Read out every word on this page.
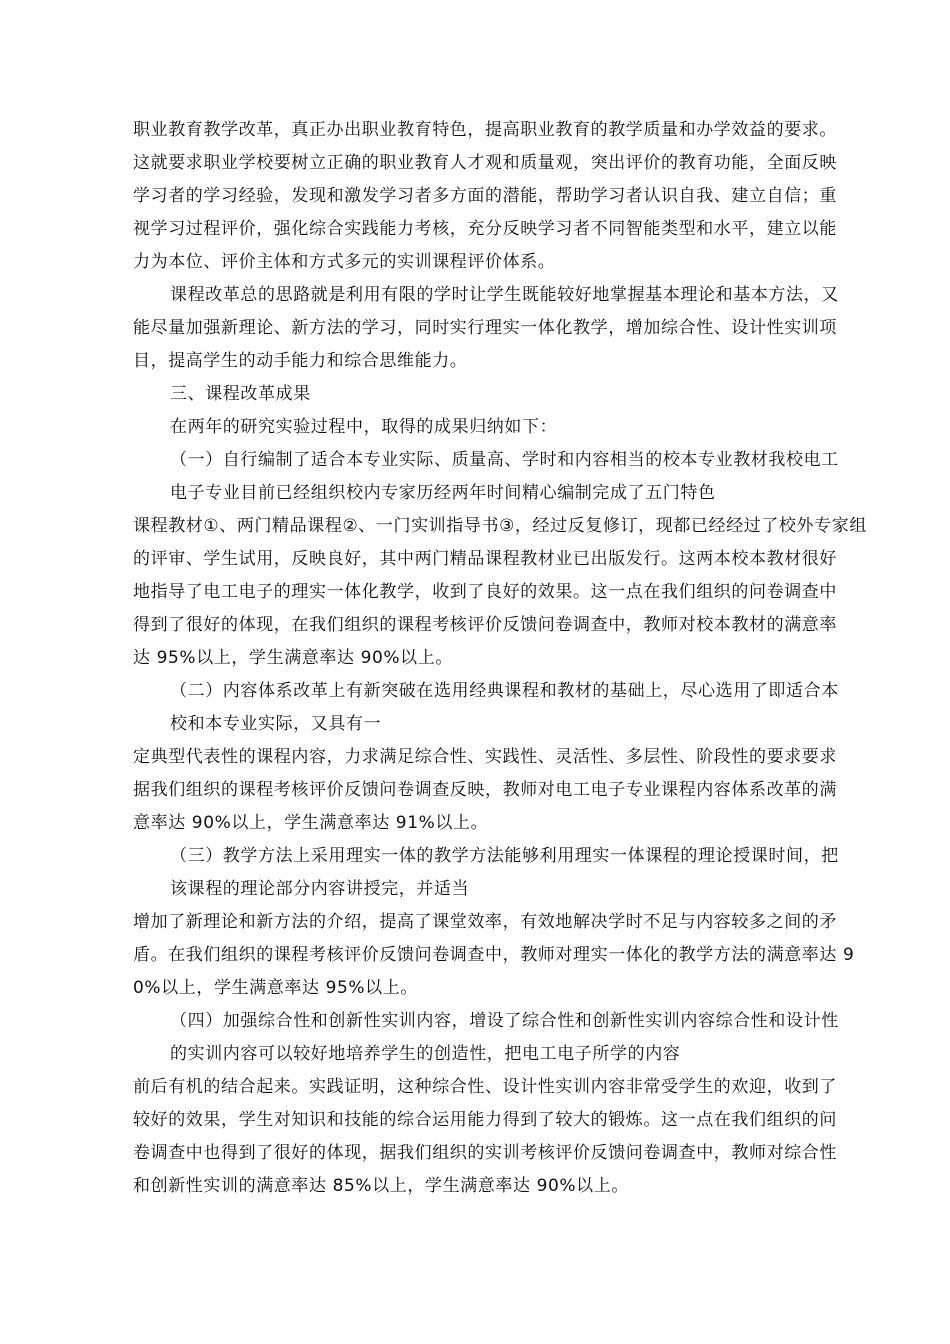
职业教育教学改革，真正办出职业教育特色，提高职业教育的教学质量和办学效益的要求。
这就要求职业学校要树立正确的职业教育人才观和质量观，突出评价的教育功能，全面反映
学习者的学习经验，发现和激发学习者多方面的潜能，帮助学习者认识自我、建立自信；重
视学习过程评价，强化综合实践能力考核，充分反映学习者不同智能类型和水平，建立以能
力为本位、评价主体和方式多元的实训课程评价体系。
课程改革总的思路就是利用有限的学时让学生既能较好地掌握基本理论和基本方法，又
能尽量加强新理论、新方法的学习，同时实行理实一体化教学，增加综合性、设计性实训项
目，提高学生的动手能力和综合思维能力。
三、课程改革成果
在两年的研究实验过程中，取得的成果归纳如下：
（一）自行编制了适合本专业实际、质量高、学时和内容相当的校本专业教材我校电工
电子专业目前已经组织校内专家历经两年时间精心编制完成了五门特色
课程教材①、两门精品课程②、一门实训指导书③，经过反复修订，现都已经经过了校外专家组
的评审、学生试用，反映良好，其中两门精品课程教材业已出版发行。这两本校本教材很好
地指导了电工电子的理实一体化教学，收到了良好的效果。这一点在我们组织的问卷调查中
得到了很好的体现，在我们组织的课程考核评价反馈问卷调查中，教师对校本教材的满意率
达 95%以上，学生满意率达 90%以上。
（二）内容体系改革上有新突破在选用经典课程和教材的基础上，尽心选用了即适合本
校和本专业实际，又具有一
定典型代表性的课程内容，力求满足综合性、实践性、灵活性、多层性、阶段性的要求要求
据我们组织的课程考核评价反馈问卷调查反映，教师对电工电子专业课程内容体系改革的满
意率达 90%以上，学生满意率达 91%以上。
（三）教学方法上采用理实一体的教学方法能够利用理实一体课程的理论授课时间，把
该课程的理论部分内容讲授完，并适当
增加了新理论和新方法的介绍，提高了课堂效率，有效地解决学时不足与内容较多之间的矛
盾。在我们组织的课程考核评价反馈问卷调查中，教师对理实一体化的教学方法的满意率达 9
0%以上，学生满意率达 95%以上。
（四）加强综合性和创新性实训内容，增设了综合性和创新性实训内容综合性和设计性
的实训内容可以较好地培养学生的创造性，把电工电子所学的内容
前后有机的结合起来。实践证明，这种综合性、设计性实训内容非常受学生的欢迎，收到了
较好的效果，学生对知识和技能的综合运用能力得到了较大的锻炼。这一点在我们组织的问
卷调查中也得到了很好的体现，据我们组织的实训考核评价反馈问卷调查中，教师对综合性
和创新性实训的满意率达 85%以上，学生满意率达 90%以上。
